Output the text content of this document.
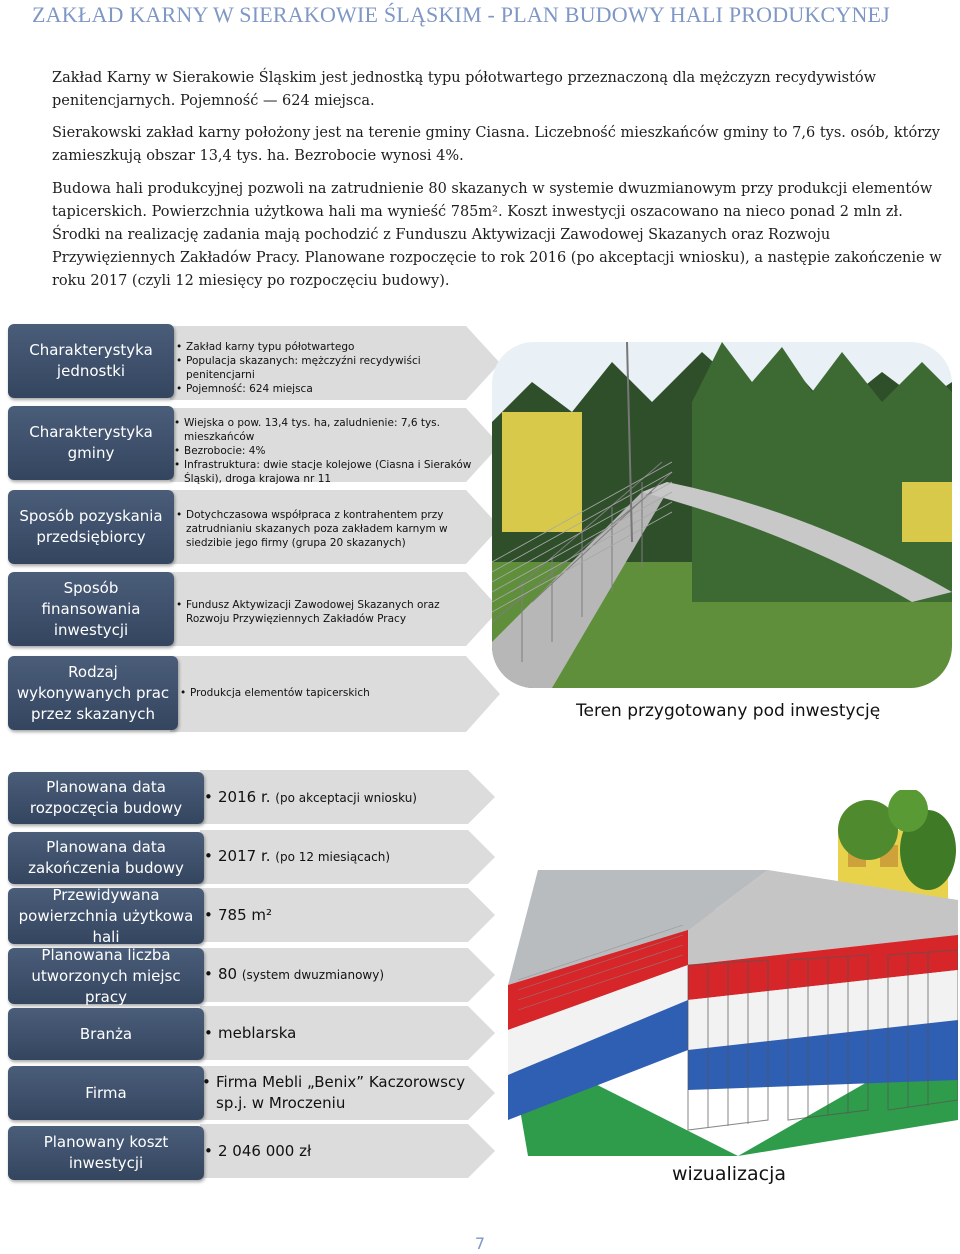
ZAKŁAD KARNY W SIERAKOWIE ŚLĄSKIM - PLAN BUDOWY HALI PRODUKCYNEJ

Zakład Karny w Sierakowie Śląskim jest jednostką typu półotwartego przeznaczoną dla mężczyzn recydywistów penitencjarnych. Pojemność — 624 miejsca.

Sierakowski zakład karny położony jest na terenie gminy Ciasna. Liczebność mieszkańców gminy to 7,6 tys. osób, którzy zamieszkują obszar 13,4 tys. ha. Bezrobocie wynosi 4%.

Budowa hali produkcyjnej pozwoli na zatrudnienie 80 skazanych w systemie dwuzmianowym przy produkcji elementów tapicerskich. Powierzchnia użytkowa hali ma wynieść 785m². Koszt inwestycji oszacowano na nieco ponad 2 mln zł. Środki na realizację zadania mają pochodzić z Funduszu Aktywizacji Zawodowej Skazanych oraz Rozwoju Przywięziennych Zakładów Pracy. Planowane rozpoczęcie to rok 2016 (po akceptacji wniosku), a następie zakończenie w roku 2017 (czyli 12 miesięcy po rozpoczęciu budowy).

Charakterystyka jednostki
Charakterystyka gminy
Sposób pozyskania przedsiębiorcy
Sposób finansowania inwestycji
Rodzaj wykonywanych prac przez skazanych
• Zakład karny typu półotwartego
• Populacja skazanych: mężczyźni recydywiści penitencjarni
• Pojemność: 624 miejsca
• Wiejska o pow. 13,4 tys. ha, zaludnienie: 7,6 tys. mieszkańców
• Bezrobocie: 4%
• Infrastruktura: dwie stacje kolejowe (Ciasna i Sieraków Śląski), droga krajowa nr 11
• Dotychczasowa współpraca z kontrahentem przy zatrudnianiu skazanych poza zakładem karnym w siedzibie jego firmy (grupa 20 skazanych)
• Fundusz Aktywizacji Zawodowej Skazanych oraz Rozwoju Przywięziennych Zakładów Pracy
• Produkcja elementów tapicerskich
Teren przygotowany pod inwestycję
Planowana data rozpoczęcia budowy
Planowana data zakończenia budowy
Przewidywana powierzchnia użytkowa hali
Planowana liczba utworzonych miejsc pracy
Branża
Firma
Planowany koszt inwestycji
• 2016 r. (po akceptacji wniosku)
• 2017 r. (po 12 miesiącach)
• 785 m²
• 80 (system dwuzmianowy)
• meblarska
• Firma Mebli „Benix” Kaczorowscy sp.j. w Mroczeniu
• 2 046 000 zł
wizualizacja
7
